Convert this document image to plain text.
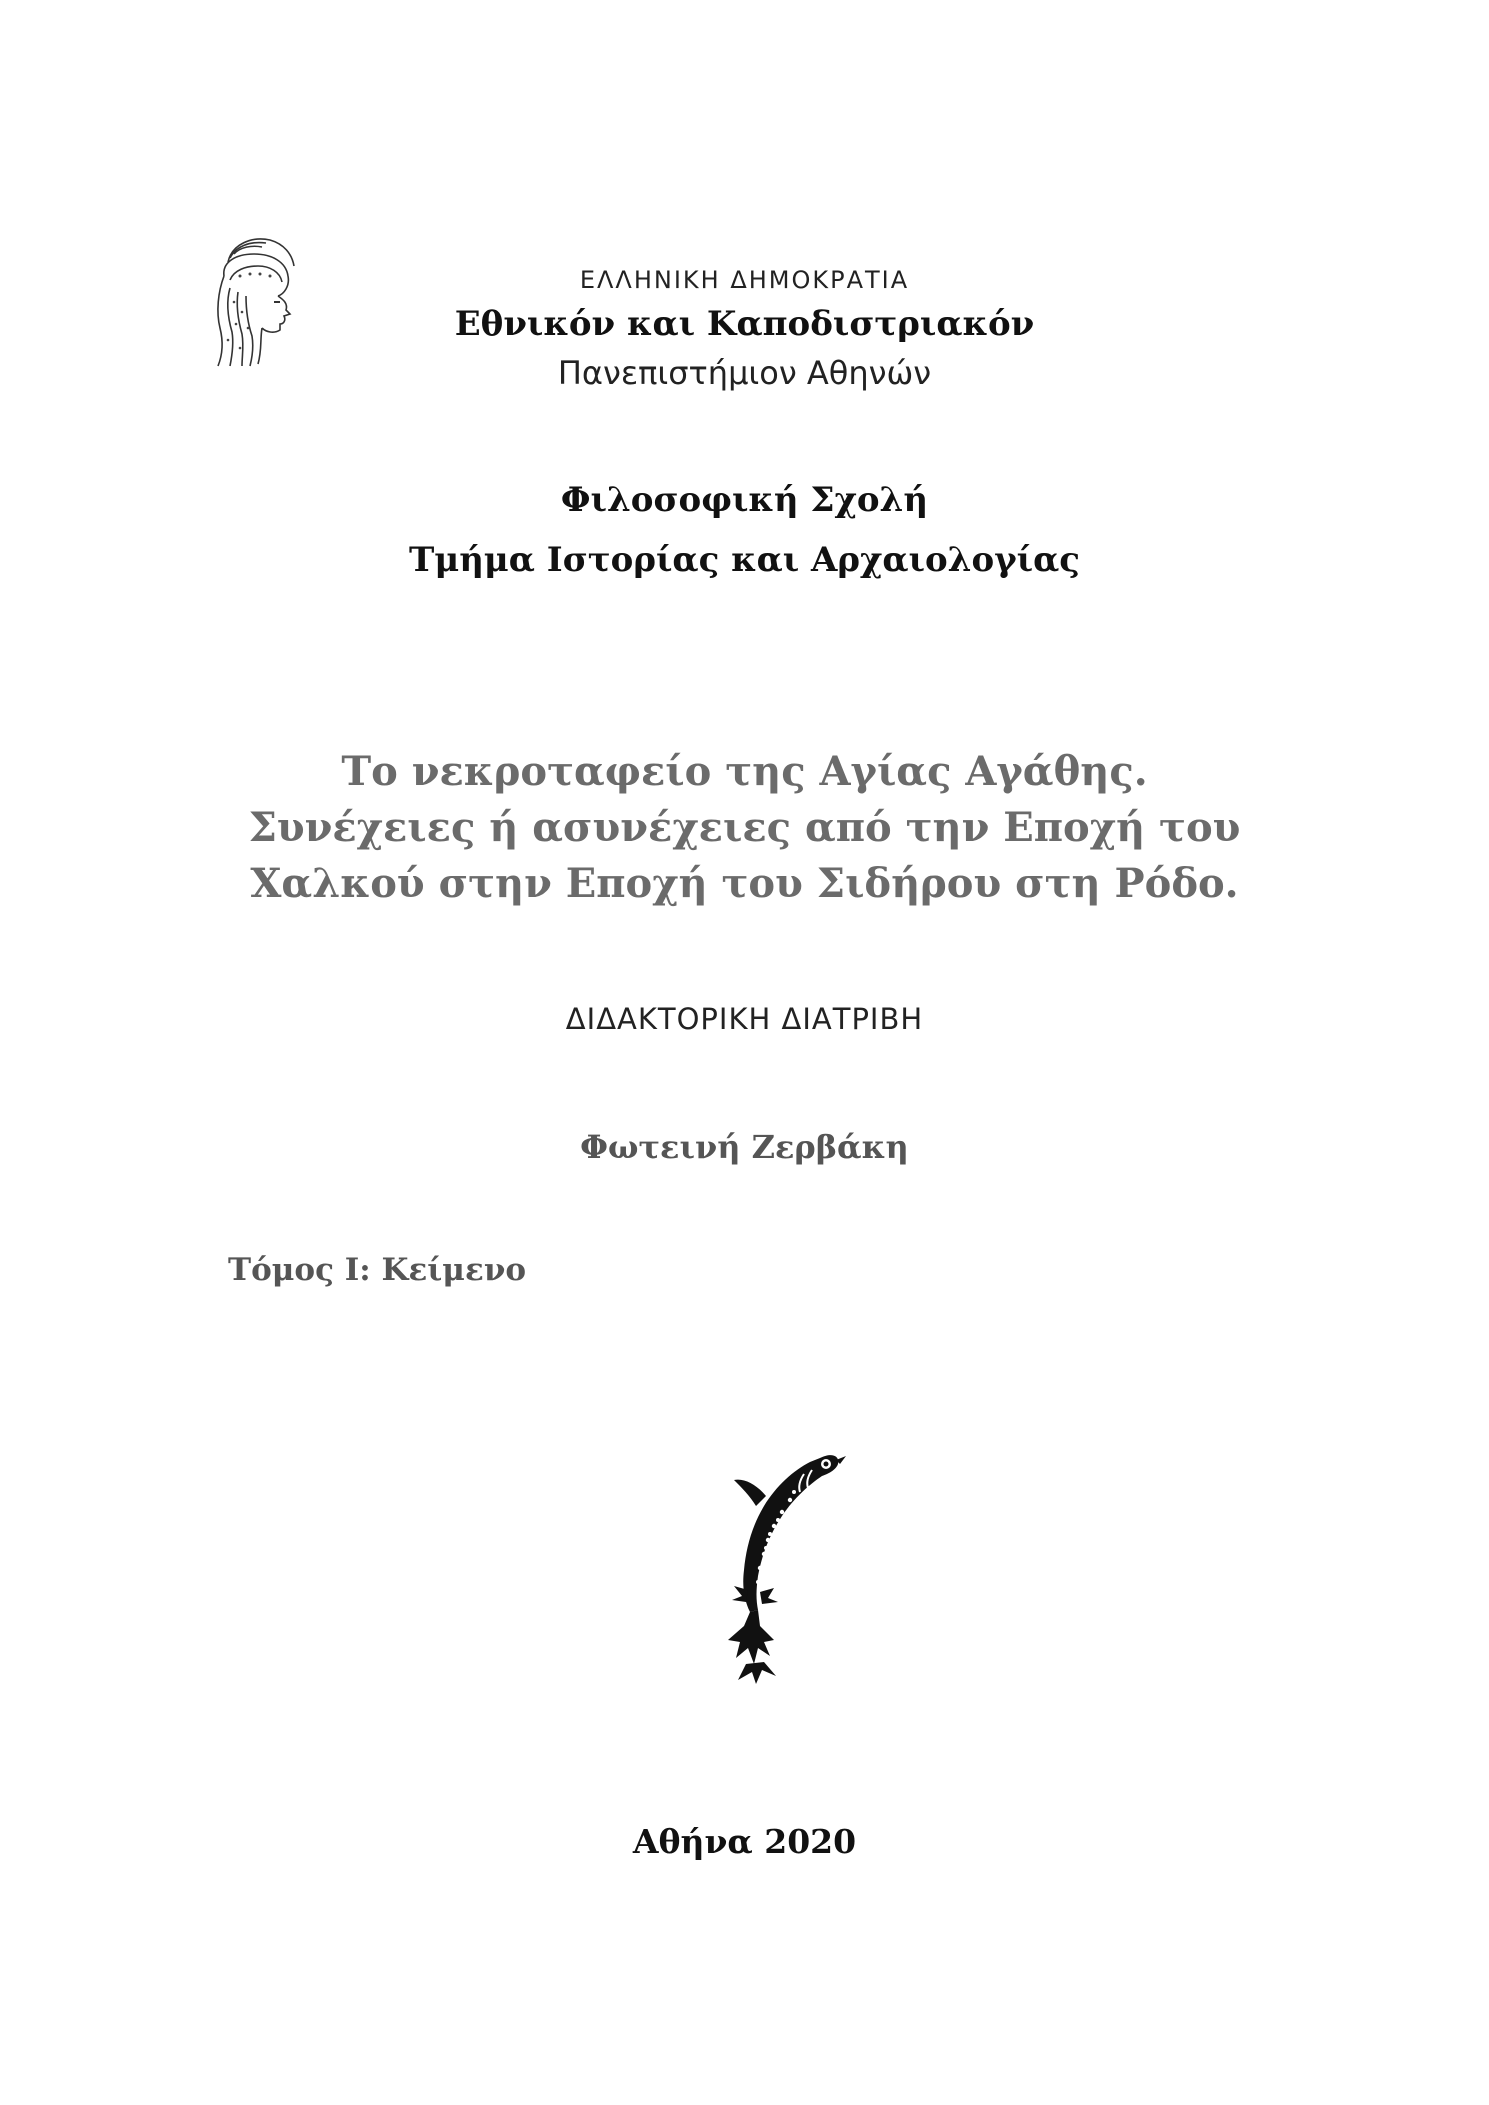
ΕΛΛΗΝΙΚΗ ΔΗΜΟΚΡΑΤΙΑ
Εθνικόν και Καποδιστριακόν
Πανεπιστήμιον Αθηνών
Φιλοσοφική Σχολή
Τμήμα Ιστορίας και Αρχαιολογίας
Το νεκροταφείο της Αγίας Αγάθης.
Συνέχειες ή ασυνέχειες από την Εποχή του
Χαλκού στην Εποχή του Σιδήρου στη Ρόδο.
ΔΙΔΑΚΤΟΡΙΚΗ ΔΙΑΤΡΙΒΗ
Φωτεινή Ζερβάκη
Τόμος Ι: Κείμενο
Αθήνα 2020
